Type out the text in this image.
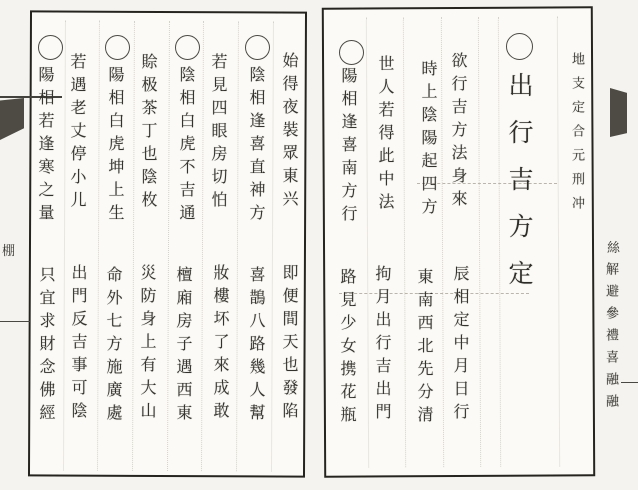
地支定合元刑冲
出行吉方定
欲行吉方法身來
時上陰陽起四方
世人若得此中法
陽相逢喜南方行
辰相定中月日行
東南西北先分清
拘月出行吉出門
路見少女携花瓶
絲
解避參禮喜融融
始得夜裝眾東兴
陰相逢喜直神方
若見四眼房切怕
陰相白虎不吉通
賒极茶丁也陰枚
陽相白虎坤上生
若遇老丈停小儿
陽相若逢寒之量
即便間天也發陷
喜鵲八路幾人幫
妝樓坏了來成敢
檀廂房子遇西東
災防身上有大山
命外七方施廣處
出門反吉事可陰
只宜求財念佛經
棚
